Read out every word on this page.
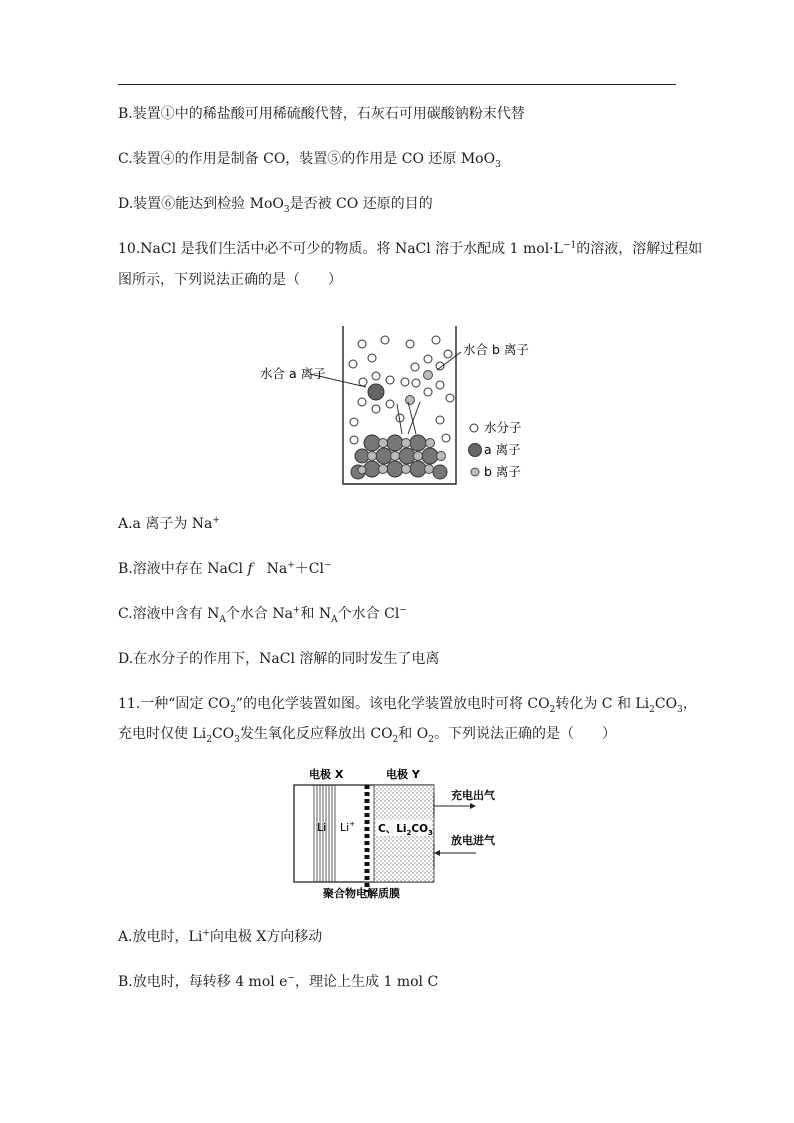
B.装置①中的稀盐酸可用稀硫酸代替，石灰石可用碳酸钠粉末代替
C.装置④的作用是制备 CO，装置⑤的作用是 CO 还原 MoO$_3$
D.装置⑥能达到检验 MoO$_3$是否被 CO 还原的目的
10.NaCl 是我们生活中必不可少的物质。将 NaCl 溶于水配成 1 $mol\cdot L^{-1}$的溶液，溶解过程如
图所示，下列说法正确的是（　　）
水合 a 离子
水合 b 离子
水分子
a 离子
b 离子
A.a 离子为 Na+
B.溶液中存在 NaCl f Na+＋Cl−
C.溶液中含有 $N_A$个水合 Na+和 $N_A$个水合 Cl−
D.在水分子的作用下，NaCl 溶解的同时发生了电离
11.一种“固定 $CO_2$”的电化学装置如图。该电化学装置放电时可将 $CO_2$转化为 C 和 $Li_2CO_3$，
充电时仅使 $Li_2CO_3$发生氧化反应释放出 $CO_2$和 $O_2$。下列说法正确的是（　　）
电极 X	电极 Y
Li Li+ C、$Li_2CO_3$
充电出气
放电进气
聚合物电解质膜
A.放电时，Li+向电极 X方向移动
B.放电时，每转移 4 mol e−，理论上生成 1 mol C
